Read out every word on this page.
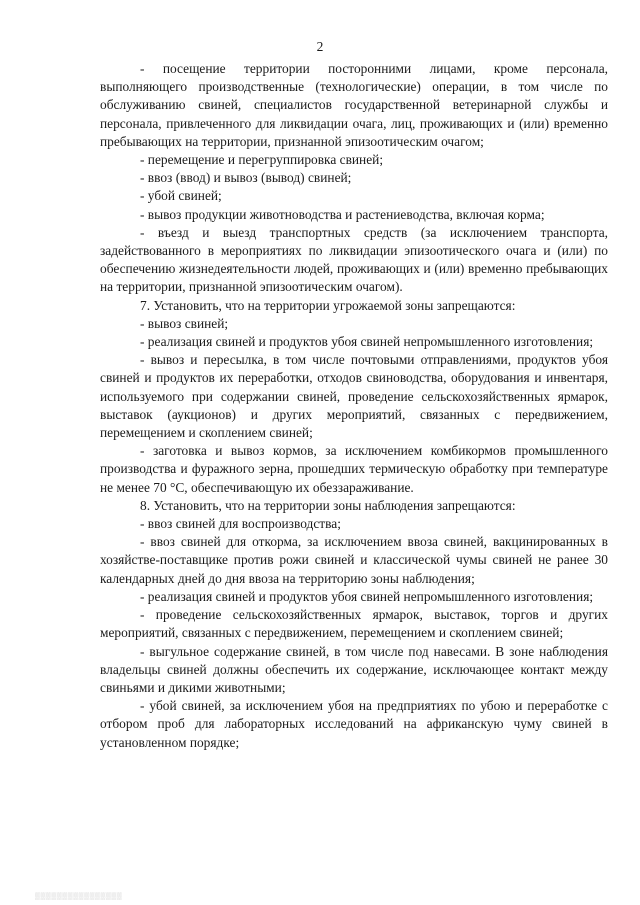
2

- посещение территории посторонними лицами, кроме персонала, выполняющего производственные (технологические) операции, в том числе по обслуживанию свиней, специалистов государственной ветеринарной службы и персонала, привлеченного для ликвидации очага, лиц, проживающих и (или) временно пребывающих на территории, признанной эпизоотическим очагом;

- перемещение и перегруппировка свиней;

- ввоз (ввод) и вывоз (вывод) свиней;

- убой свиней;

- вывоз продукции животноводства и растениеводства, включая корма;

- въезд и выезд транспортных средств (за исключением транспорта, задействованного в мероприятиях по ликвидации эпизоотического очага и (или) по обеспечению жизнедеятельности людей, проживающих и (или) временно пребывающих на территории, признанной эпизоотическим очагом).

7. Установить, что на территории угрожаемой зоны запрещаются:

- вывоз свиней;

- реализация свиней и продуктов убоя свиней непромышленного изготовления;

- вывоз и пересылка, в том числе почтовыми отправлениями, продуктов убоя свиней и продуктов их переработки, отходов свиноводства, оборудования и инвентаря, используемого при содержании свиней, проведение сельскохозяйственных ярмарок, выставок (аукционов) и других мероприятий, связанных с передвижением, перемещением и скоплением свиней;

- заготовка и вывоз кормов, за исключением комбикормов промышленного производства и фуражного зерна, прошедших термическую обработку при температуре не менее 70 °С, обеспечивающую их обеззараживание.

8. Установить, что на территории зоны наблюдения запрещаются:

- ввоз свиней для воспроизводства;

- ввоз свиней для откорма, за исключением ввоза свиней, вакцинированных в хозяйстве-поставщике против рожи свиней и классической чумы свиней не ранее 30 календарных дней до дня ввоза на территорию зоны наблюдения;

- реализация свиней и продуктов убоя свиней непромышленного изготовления;

- проведение сельскохозяйственных ярмарок, выставок, торгов и других мероприятий, связанных с передвижением, перемещением и скоплением свиней;

- выгульное содержание свиней, в том числе под навесами. В зоне наблюдения владельцы свиней должны обеспечить их содержание, исключающее контакт между свиньями и дикими животными;

- убой свиней, за исключением убоя на предприятиях по убою и переработке с отбором проб для лабораторных исследований на африканскую чуму свиней в установленном порядке;

▒▒▒▒▒▒▒▒▒▒▒▒▒▒▒▒
